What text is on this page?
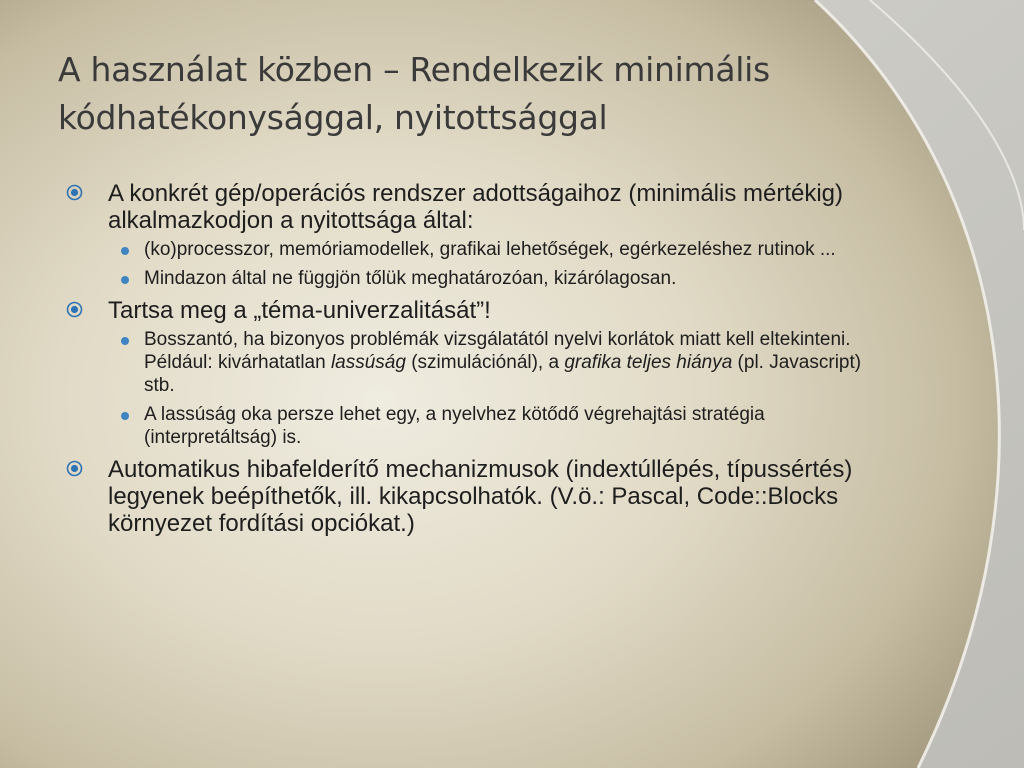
A használat közben – Rendelkezik minimális
kódhatékonysággal, nyitottsággal
A konkrét gép/operációs rendszer adottságaihoz (minimális mértékig) alkalmazkodjon a nyitottsága által:
(ko)processzor, memóriamodellek, grafikai lehetőségek, egérkezeléshez rutinok ...
Mindazon által ne függjön tőlük meghatározóan, kizárólagosan.
Tartsa meg a „téma-univerzalitását”!
Bosszantó, ha bizonyos problémák vizsgálatától nyelvi korlátok miatt kell eltekinteni. Például: kivárhatatlan lassúság (szimulációnál), a grafika teljes hiánya (pl. Javascript) stb.
A lassúság oka persze lehet egy, a nyelvhez kötődő végrehajtási stratégia (interpretáltság) is.
Automatikus hibafelderítő mechanizmusok (indextúllépés, típussértés) legyenek beépíthetők, ill. kikapcsolhatók. (V.ö.: Pascal, Code::Blocks környezet fordítási opciókat.)
